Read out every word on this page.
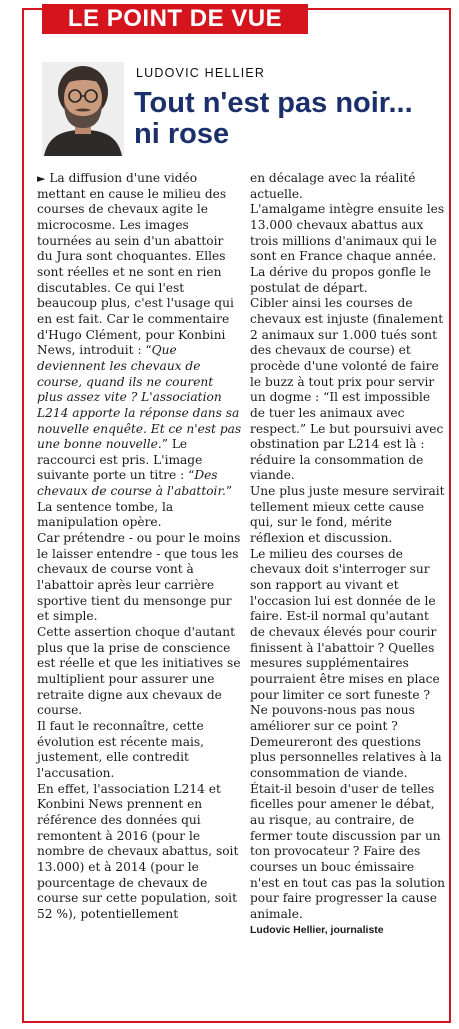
LE POINT DE VUE
LUDOVIC HELLIER
Tout n'est pas noir...
ni rose

► La diffusion d'une vidéo mettant en cause le milieu des courses de chevaux agite le microcosme. Les images tournées au sein d'un abattoir du Jura sont choquantes. Elles sont réelles et ne sont en rien discutables. Ce qui l'est beaucoup plus, c'est l'usage qui en est fait. Car le commentaire d'Hugo Clément, pour Konbini News, introduit : “Que deviennent les chevaux de course, quand ils ne courent plus assez vite ? L'association L214 apporte la réponse dans sa nouvelle enquête. Et ce n'est pas une bonne nouvelle.” Le raccourci est pris. L'image suivante porte un titre : “Des chevaux de course à l'abattoir.”

La sentence tombe, la manipulation opère.

Car prétendre - ou pour le moins le laisser entendre - que tous les chevaux de course vont à l'abattoir après leur carrière sportive tient du mensonge pur et simple.

Cette assertion choque d'autant plus que la prise de conscience est réelle et que les initiatives se multiplient pour assurer une retraite digne aux chevaux de course.

Il faut le reconnaître, cette évolution est récente mais, justement, elle contredit l'accusation.

En effet, l'association L214 et Konbini News prennent en référence des données qui remontent à 2016 (pour le nombre de chevaux abattus, soit 13.000) et à 2014 (pour le pourcentage de chevaux de course sur cette population, soit 52 %), potentiellement

en décalage avec la réalité actuelle.

L'amalgame intègre ensuite les 13.000 chevaux abattus aux trois millions d'animaux qui le sont en France chaque année. La dérive du propos gonfle le postulat de départ.

Cibler ainsi les courses de chevaux est injuste (finalement 2 animaux sur 1.000 tués sont des chevaux de course) et procède d'une volonté de faire le buzz à tout prix pour servir un dogme : “Il est impossible de tuer les animaux avec respect.” Le but poursuivi avec obstination par L214 est là : réduire la consommation de viande.

Une plus juste mesure servirait tellement mieux cette cause qui, sur le fond, mérite réflexion et discussion.

Le milieu des courses de chevaux doit s'interroger sur son rapport au vivant et l'occasion lui est donnée de le faire. Est-il normal qu'autant de chevaux élevés pour courir finissent à l'abattoir ? Quelles mesures supplémentaires pourraient être mises en place pour limiter ce sort funeste ? Ne pouvons-nous pas nous améliorer sur ce point ?

Demeureront des questions plus personnelles relatives à la consommation de viande.

Était-il besoin d'user de telles ficelles pour amener le débat, au risque, au contraire, de fermer toute discussion par un ton provocateur ? Faire des courses un bouc émissaire n'est en tout cas pas la solution pour faire progresser la cause animale.

Ludovic Hellier, journaliste
